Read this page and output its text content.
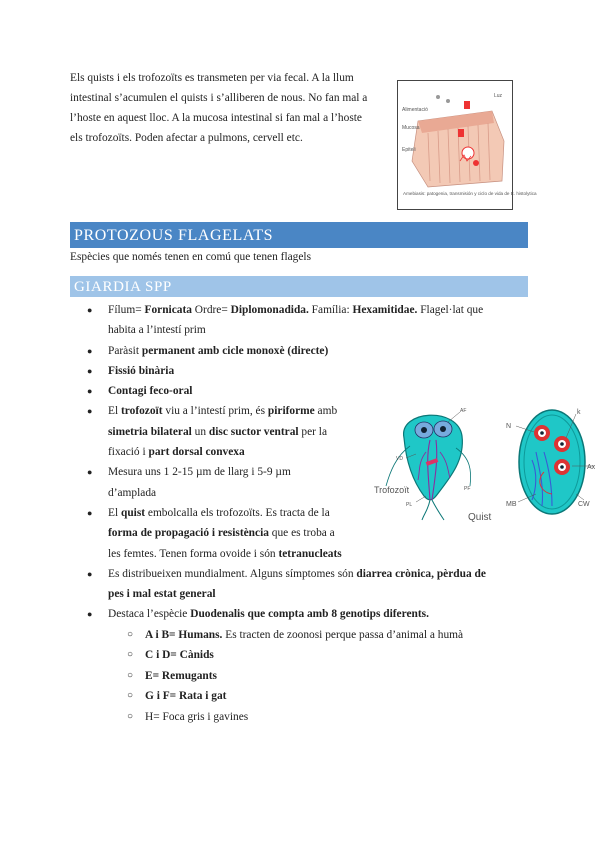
Els quists i els trofozoïts es transmeten per via fecal. A la llum
intestinal s’acumulen el quists i s’alliberen de nous. No fan mal a
l’hoste en aquest lloc. A la mucosa intestinal si fan mal a l’hoste
els trofozoïts. Poden afectar a pulmons, cervell etc.
Alimentació
Mucosa
Epiteli
Luz
Amebiasis: patogenia, transmisión y ciclo de vida de E. histolytica
PROTOZOUS FLAGELATS
Espècies que només tenen en comú que tenen flagels
GIARDIA SPP
● Fílum= Fornicata Ordre= Diplomonadida. Família: Hexamitidae. Flagel·lat que
habita a l’intestí prim
● Paràsit permanent amb cicle monoxè (directe)
● Fissió binària
● Contagi feco-oral
● El trofozoït viu a l’intestí prim, és piriforme amb
simetria bilateral un disc suctor ventral per la
fixació i part dorsal convexa
● Mesura uns 1 2-15 µm de llarg i 5-9 µm
d’amplada
● El quist embolcalla els trofozoïts. Es tracta de la
forma de propagació i resistència que es troba a
les femtes. Tenen forma ovoide i són tetranucleats
● Es distribueixen mundialment. Alguns símptomes són diarrea crònica, pèrdua de
pes i mal estat general
● Destaca l’espècie Duodenalis que compta amb 8 genotips diferents.
○ A i B= Humans. Es tracten de zoonosi perque passa d’animal a humà
○ C i D= Cànids
○ E= Remugants
○ G i F= Rata i gat
○ H= Foca gris i gavines
AF
VD
PL
PF
Trofozoït
Quist
N
k
Ax
MB	CW
